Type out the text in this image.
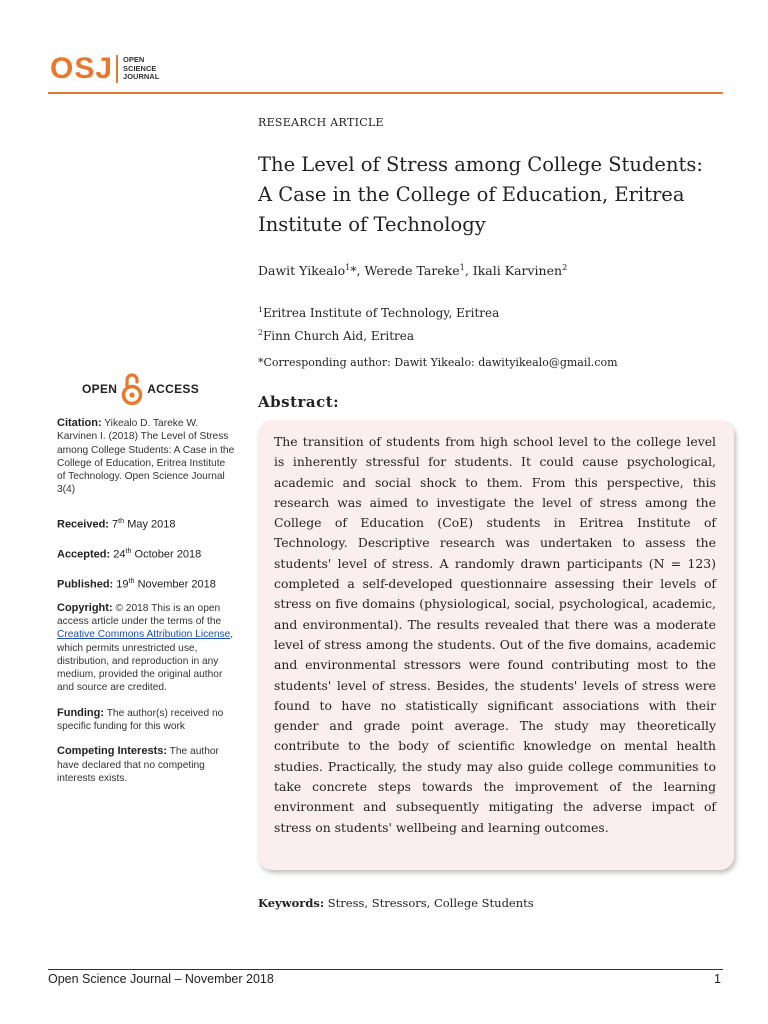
OSJ OPEN
SCIENCE
JOURNAL
RESEARCH ARTICLE
The Level of Stress among College Students:
A Case in the College of Education, Eritrea
Institute of Technology
Dawit Yikealo$^1$*, Werede Tareke$^1$, Ikali Karvinen$^2$
$^1$Eritrea Institute of Technology, Eritrea
$^2$Finn Church Aid, Eritrea
*Corresponding author: Dawit Yikealo: dawityikealo@gmail.com
Abstract:

The transition of students from high school level to the college level is inherently stressful for students. It could cause psychological, academic and social shock to them. From this perspective, this research was aimed to investigate the level of stress among the College of Education (CoE) students in Eritrea Institute of Technology. Descriptive research was undertaken to assess the students' level of stress. A randomly drawn participants (N = 123) completed a self-developed questionnaire assessing their levels of stress on five domains (physiological, social, psychological, academic, and environmental). The results revealed that there was a moderate level of stress among the students. Out of the five domains, academic and environmental stressors were found contributing most to the students' level of stress. Besides, the students' levels of stress were found to have no statistically significant associations with their gender and grade point average. The study may theoretically contribute to the body of scientific knowledge on mental health studies. Practically, the study may also guide college communities to take concrete steps towards the improvement of the learning environment and subsequently mitigating the adverse impact of stress on students' wellbeing and learning outcomes.

Keywords: Stress, Stressors, College Students
OPEN	ACCESS

Citation: Yikealo D. Tareke W. Karvinen I. (2018) The Level of Stress among College Students: A Case in the College of Education, Eritrea Institute of Technology. Open Science Journal 3(4)

Received: 7th May 2018

Accepted: 24th October 2018

Published: 19th November 2018

Copyright: © 2018 This is an open access article under the terms of the Creative Commons Attribution License, which permits unrestricted use, distribution, and reproduction in any medium, provided the original author and source are credited.

Funding: The author(s) received no specific funding for this work

Competing Interests: The author have declared that no competing interests exists.

Open Science Journal – November 2018	1
